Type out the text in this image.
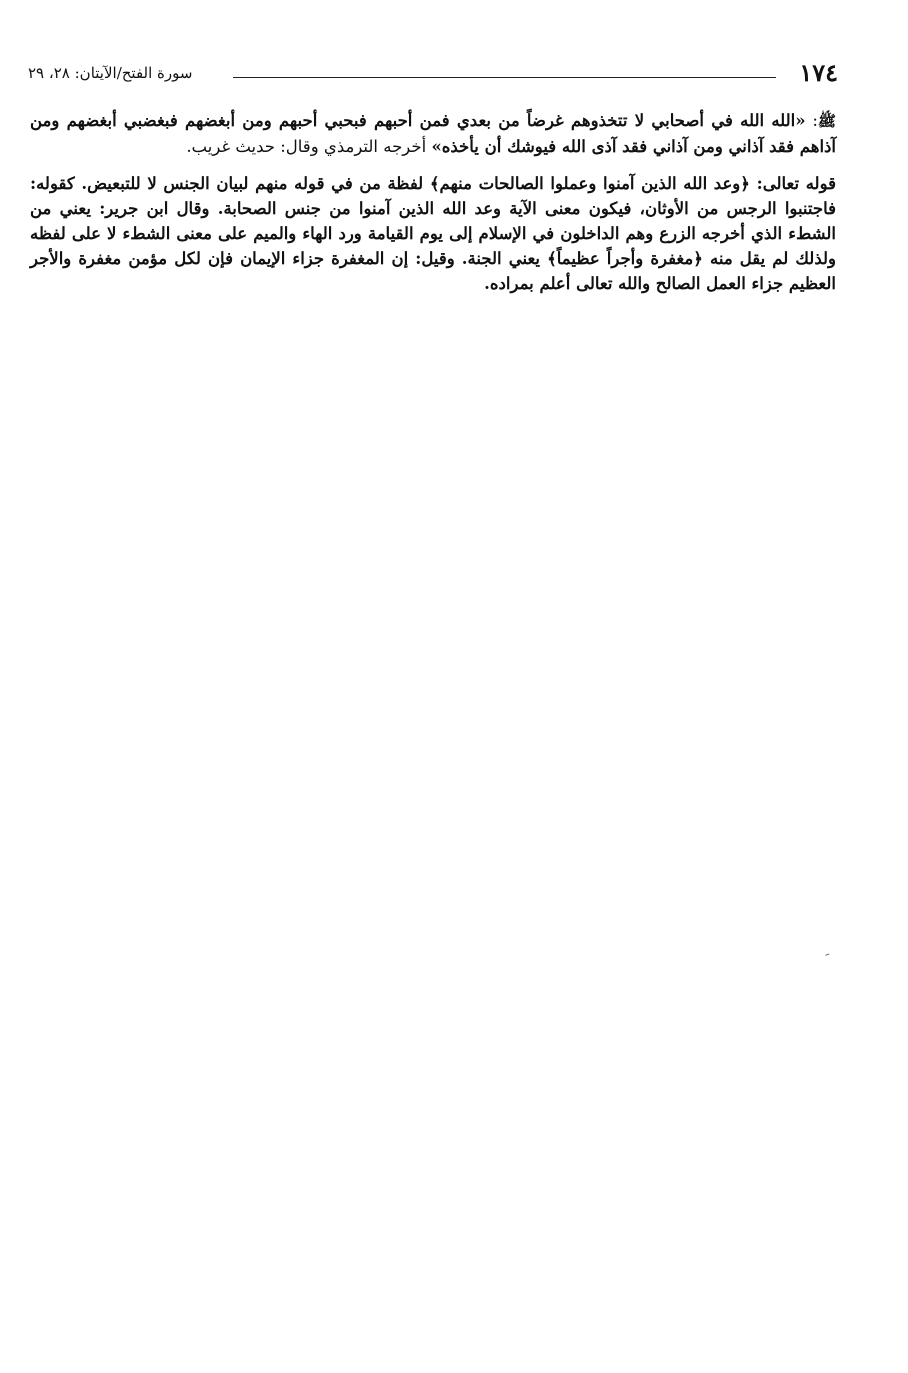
١٧٤
سورة الفتح/الآيتان: ٢٨، ٢٩

ﷺ: «الله الله في أصحابي لا تتخذوهم غرضاً من بعدي فمن أحبهم فبحبي أحبهم ومن أبغضهم فبغضبي أبغضهم ومن آذاهم فقد آذاني ومن آذاني فقد آذى الله فيوشك أن يأخذه» أخرجه الترمذي وقال: حديث غريب.

قوله تعالى: ﴿وعد الله الذين آمنوا وعملوا الصالحات منهم﴾ لفظة من في قوله منهم لبيان الجنس لا للتبعيض. كقوله: فاجتنبوا الرجس من الأوثان، فيكون معنى الآية وعد الله الذين آمنوا من جنس الصحابة. وقال ابن جرير: يعني من الشطء الذي أخرجه الزرع وهم الداخلون في الإسلام إلى يوم القيامة ورد الهاء والميم على معنى الشطء لا على لفظه ولذلك لم يقل منه ﴿مغفرة وأجراً عظيماً﴾ يعني الجنة. وقيل: إن المغفرة جزاء الإيمان فإن لكل مؤمن مغفرة والأجر العظيم جزاء العمل الصالح والله تعالى أعلم بمراده.
